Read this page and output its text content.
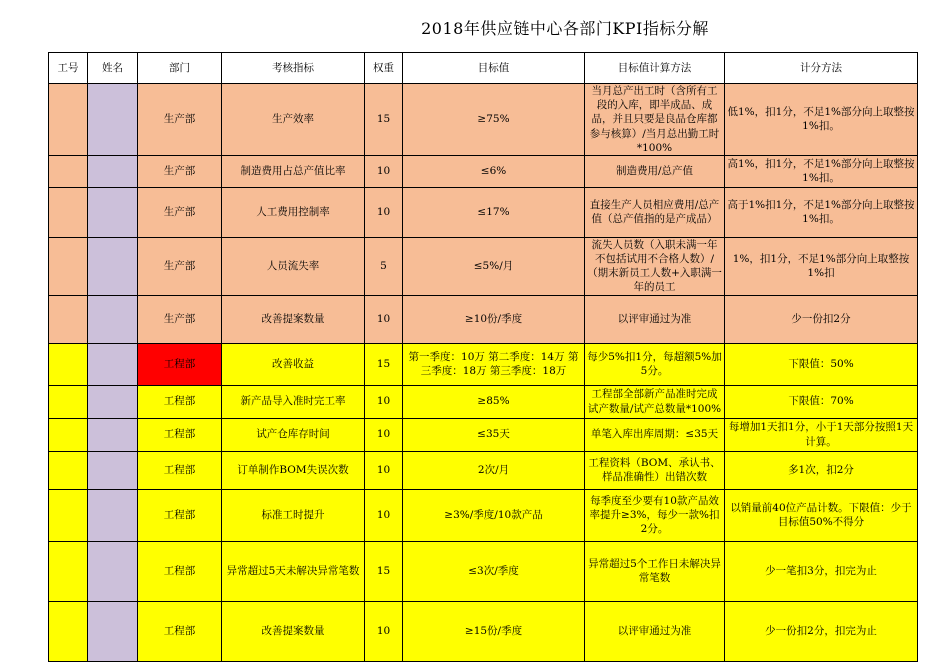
2018年供应链中心各部门KPI指标分解
工号	姓名	部门	考核指标	权重	目标值	目标值计算方法	计分方法
		生产部	生产效率	15	≥75%	当月总产出工时（含所有工段的入库，即半成品、成品，并且只要是良品仓库都参与核算）/当月总出勤工时*100%	低1%，扣1分，不足1%部分向上取整按1%扣。
		生产部	制造费用占总产值比率	10	≤6%	制造费用/总产值	高1%，扣1分，不足1%部分向上取整按1%扣。
		生产部	人工费用控制率	10	≤17%	直接生产人员相应费用/总产值（总产值指的是产成品）	高于1%扣1分，不足1%部分向上取整按1%扣。
		生产部	人员流失率	5	≤5%/月	流失人员数（入职未满一年不包括试用不合格人数）/（期末新员工人数+入职满一年的员工	1%，扣1分，不足1%部分向上取整按1%扣
		生产部	改善提案数量	10	≥10份/季度	以评审通过为准	少一份扣2分
		工程部	改善收益	15	第一季度：10万 第二季度：14万 第三季度：18万 第三季度：18万	每少5%扣1分，每超额5%加5分。	下限值：50%
		工程部	新产品导入准时完工率	10	≥85%	工程部全部新产品准时完成试产数量/试产总数量*100%	下限值：70%
		工程部	试产仓库存时间	10	≤35天	单笔入库出库周期：≤35天	每增加1天扣1分，小于1天部分按照1天计算。
		工程部	订单制作BOM失误次数	10	2次/月	工程资料（BOM、承认书、样品准确性）出错次数	多1次，扣2分
		工程部	标准工时提升	10	≥3%/季度/10款产品	每季度至少要有10款产品效率提升≥3%，每少一款%扣2分。	以销量前40位产品计数。下限值：少于目标值50%不得分
		工程部	异常超过5天未解决异常笔数	15	≤3次/季度	异常超过5个工作日未解决异常笔数	少一笔扣3分，扣完为止
		工程部	改善提案数量	10	≥15份/季度	以评审通过为准	少一份扣2分，扣完为止
